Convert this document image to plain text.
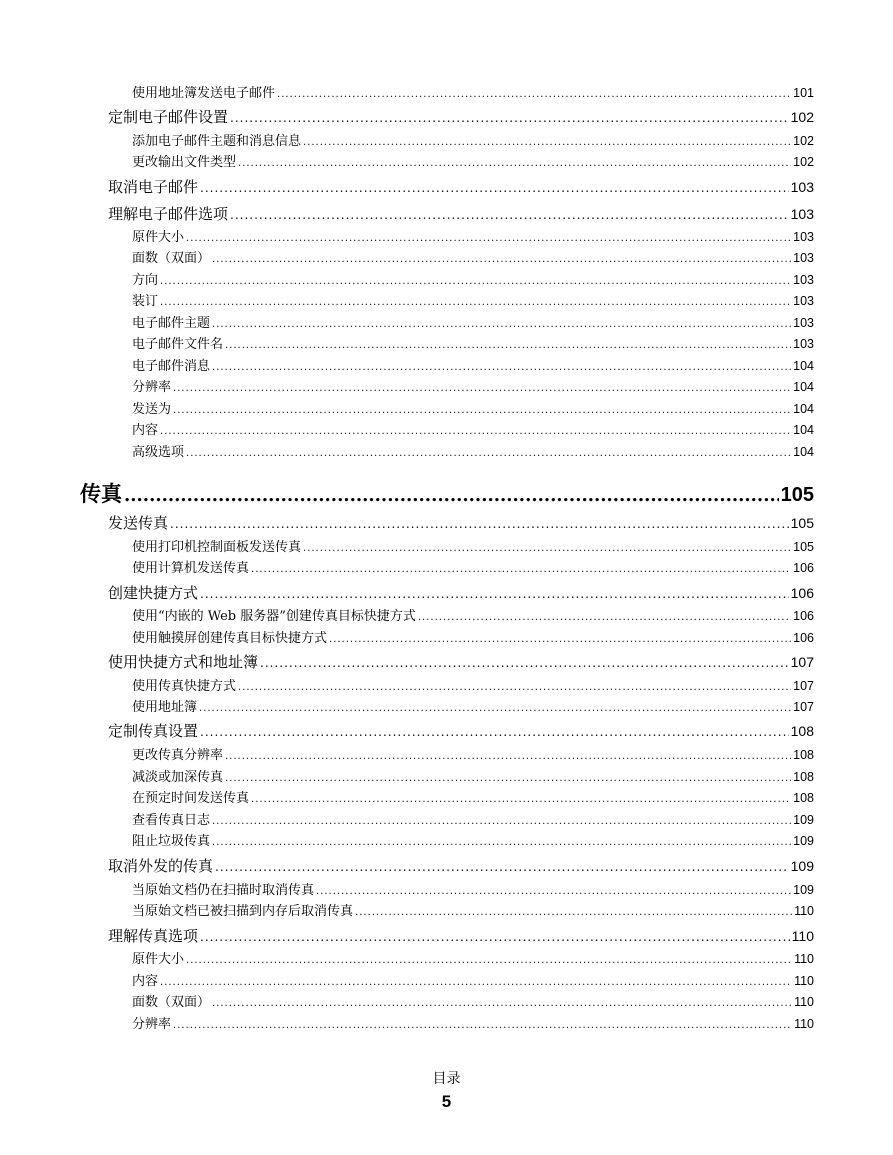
使用地址簿发送电子邮件 .....	101
定制电子邮件设置 .....	102
添加电子邮件主题和消息信息 .....	102
更改输出文件类型 .....	102
取消电子邮件 .....	103
理解电子邮件选项 .....	103
原件大小 .....	103
面数（双面） .....	103
方向 .....	103
装订 .....	103
电子邮件主题 .....	103
电子邮件文件名 .....	103
电子邮件消息 .....	104
分辨率 .....	104
发送为 .....	104
内容 .....	104
高级选项 .....	104
传真 .....	105
发送传真 .....	105
使用打印机控制面板发送传真 .....	105
使用计算机发送传真 .....	106
创建快捷方式 .....	106
使用“内嵌的 Web 服务器”创建传真目标快捷方式 .....	106
使用触摸屏创建传真目标快捷方式 .....	106
使用快捷方式和地址簿 .....	107
使用传真快捷方式 .....	107
使用地址簿 .....	107
定制传真设置 .....	108
更改传真分辨率 .....	108
减淡或加深传真 .....	108
在预定时间发送传真 .....	108
查看传真日志 .....	109
阻止垃圾传真 .....	109
取消外发的传真 .....	109
当原始文档仍在扫描时取消传真 .....	109
当原始文档已被扫描到内存后取消传真 .....	110
理解传真选项 .....	110
原件大小 .....	110
内容 .....	110
面数（双面） .....	110
分辨率 .....	110
目录
5
